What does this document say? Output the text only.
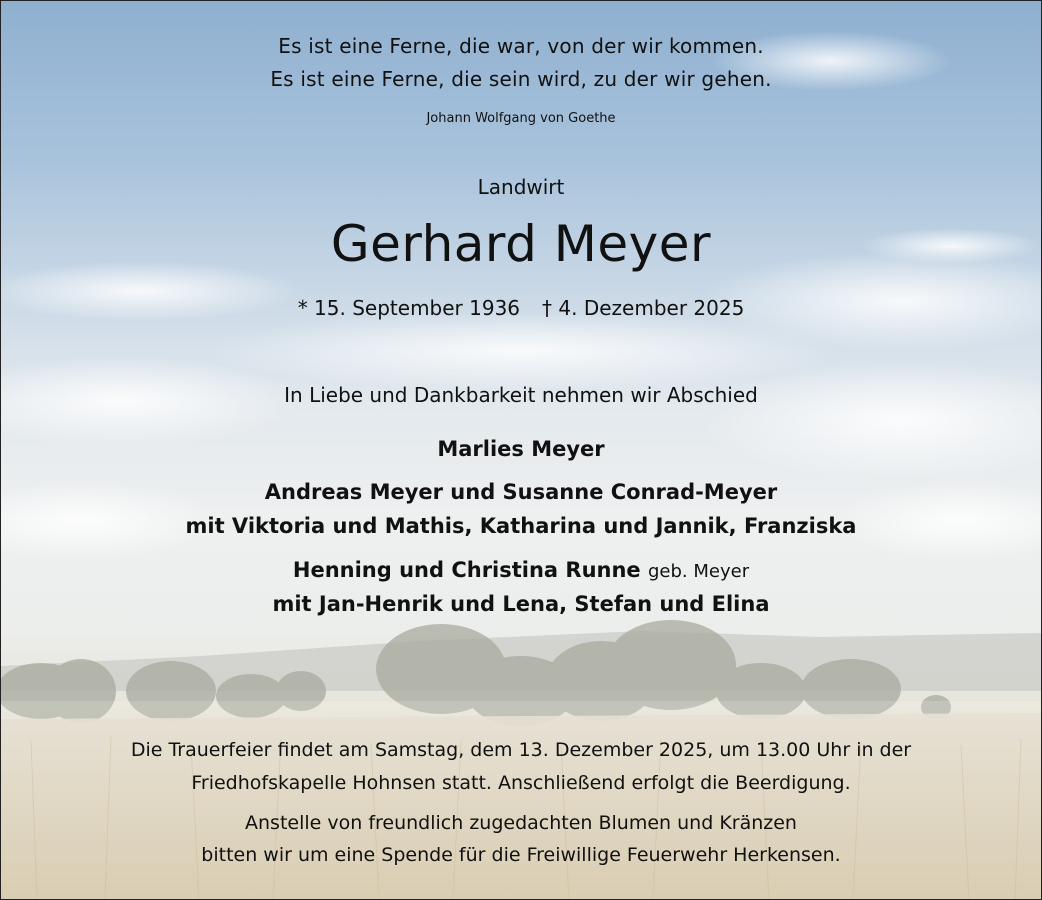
Es ist eine Ferne, die war, von der wir kommen.
Es ist eine Ferne, die sein wird, zu der wir gehen.
Johann Wolfgang von Goethe
Landwirt
Gerhard Meyer
* 15. September 1936 † 4. Dezember 2025
In Liebe und Dankbarkeit nehmen wir Abschied
Marlies Meyer
Andreas Meyer und Susanne Conrad-Meyer
mit Viktoria und Mathis, Katharina und Jannik, Franziska
Henning und Christina Runne geb. Meyer
mit Jan-Henrik und Lena, Stefan und Elina
Die Trauerfeier findet am Samstag, dem 13. Dezember 2025, um 13.00 Uhr in der
Friedhofskapelle Hohnsen statt. Anschließend erfolgt die Beerdigung.
Anstelle von freundlich zugedachten Blumen und Kränzen
bitten wir um eine Spende für die Freiwillige Feuerwehr Herkensen.
